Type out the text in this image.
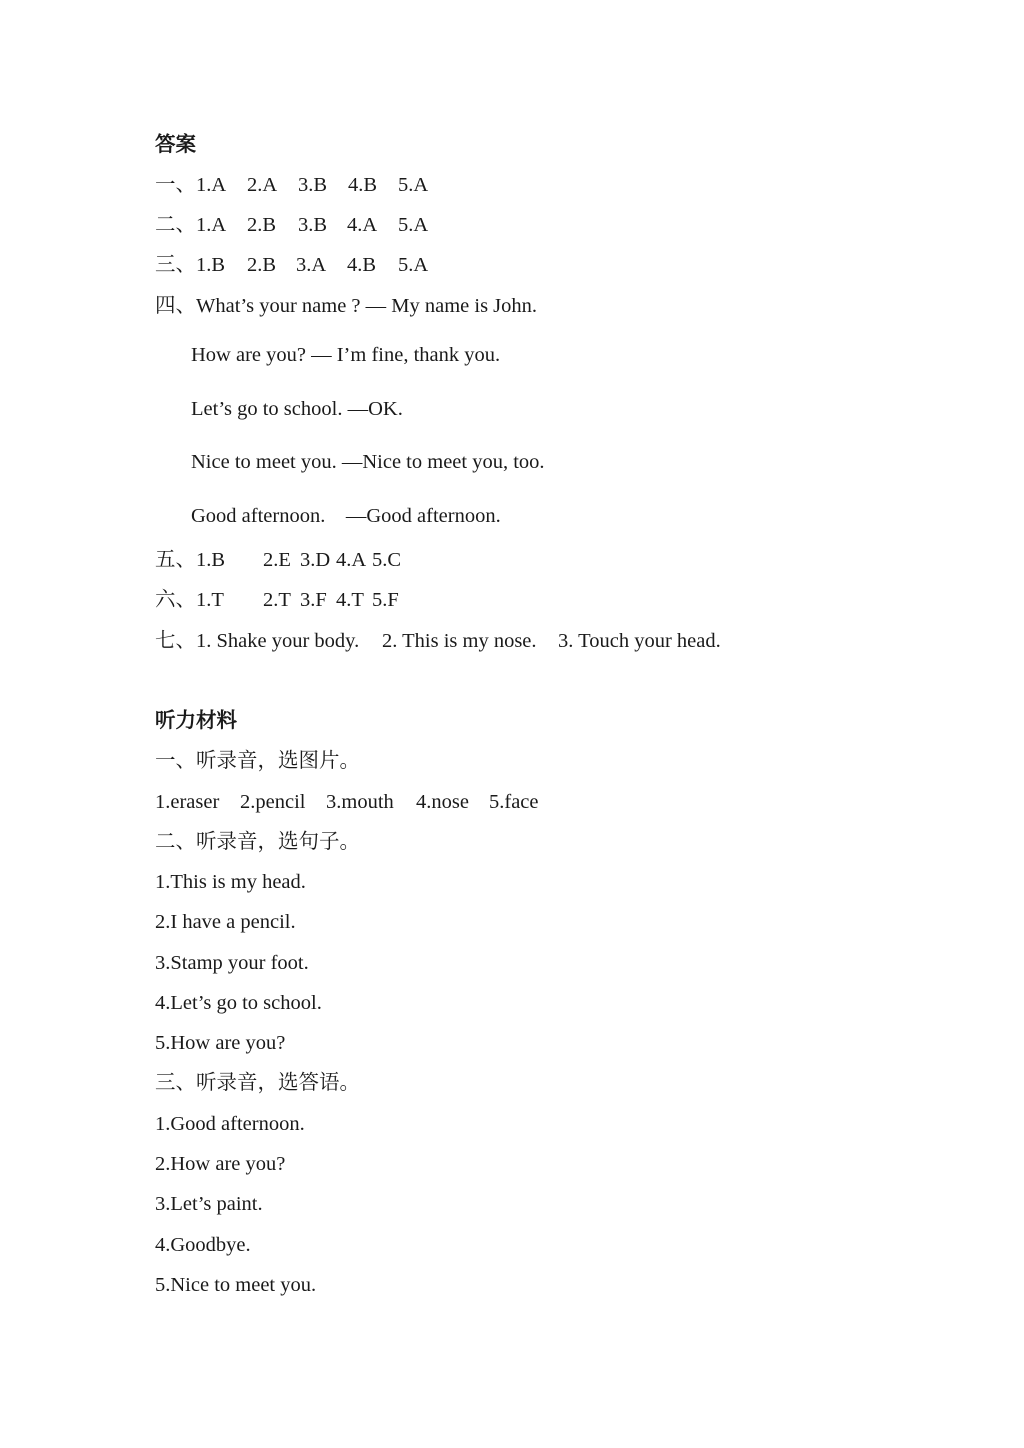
答案

一、

1.A

2.A

3.B

4.B

5.A

二、

1.A

2.B

3.B

4.A

5.A

三、

1.B

2.B

3.A

4.B

5.A

四、

What’s your name ? — My name is John.

How are you? — I’m fine, thank you.

Let’s go to school. —OK.

Nice to meet you. —Nice to meet you, too.

Good afternoon.    —Good afternoon.

五、

1.B

2.E

3.D

4.A

5.C

六、

1.T

2.T

3.F

4.T

5.F

七、

1. Shake your body.

2. This is my nose.

3. Touch your head.

听力材料

一、听录音，选图片。

1.eraser

2.pencil

3.mouth

4.nose

5.face

二、听录音，选句子。

1.This is my head.

2.I have a pencil.

3.Stamp your foot.

4.Let’s go to school.

5.How are you?

三、听录音，选答语。

1.Good afternoon.

2.How are you?

3.Let’s paint.

4.Goodbye.

5.Nice to meet you.
